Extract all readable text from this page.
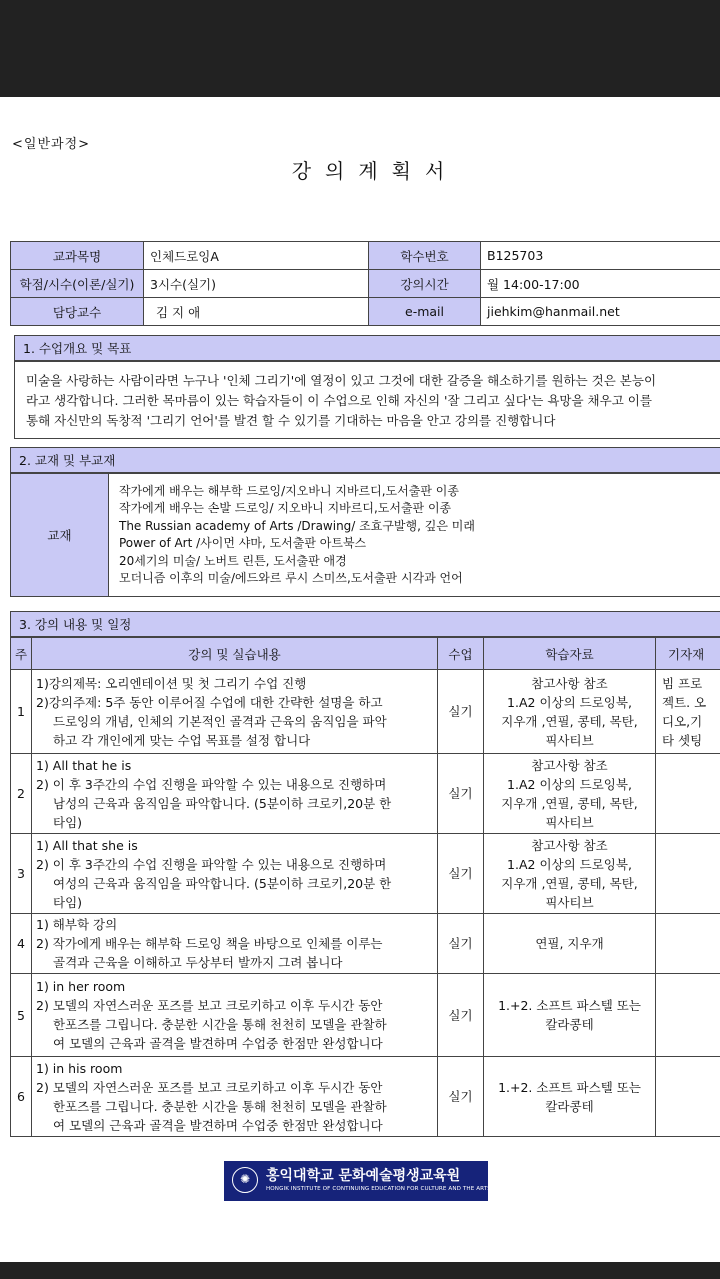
<일반과정>
강의계획서
교과목명	인체드로잉A	학수번호	B125703
학점/시수(이론/실기)	3시수(실기)	강의시간	월 14:00-17:00
담당교수	김 지 애	e-mail	jiehkim@hanmail.net
1. 수업개요 및 목표
미술을 사랑하는 사람이라면 누구나 '인체 그리기'에 열정이 있고 그것에 대한 갈증을 해소하기를 원하는 것은 본능이
라고 생각합니다. 그러한 목마름이 있는 학습자들이 이 수업으로 인해 자신의 '잘 그리고 싶다'는 욕망을 채우고 이를
통해 자신만의 독창적 '그리기 언어'를 발견 할 수 있기를 기대하는 마음을 안고 강의를 진행합니다
2. 교재 및 부교재
교재	
작가에게 배우는 해부학 드로잉/지오바니 지바르디,도서출판 이종
작가에게 배우는 손발 드로잉/ 지오바니 지바르디,도서출판 이종
The Russian academy of Arts /Drawing/ 조효구발행, 깊은 미래
Power of Art /사이먼 샤마, 도서출판 아트북스
20세기의 미술/ 노버트 린튼, 도서출판 애경
모더니즘 이후의 미술/에드와르 루시 스미쓰,도서출판 시각과 언어
3. 강의 내용 및 일정
주	강의 및 실습내용	수업	학습자료	기자재
1	1)강의제목: 오리엔테이션 및 첫 그리기 수업 진행
2)강의주제: 5주 동안 이루어질 수업에 대한 간략한 설명을 하고
드로잉의 개념, 인체의 기본적인 골격과 근육의 움직임을 파악
하고 각 개인에게 맞는 수업 목표를 설정 합니다	실기	참고사항 참조
1.A2 이상의 드로잉북,
지우개 ,연필, 콩테, 목탄,
픽사티브	빔 프로
젝트. 오
디오,기
타 셋팅

2	1) All that he is
2) 이 후 3주간의 수업 진행을 파악할 수 있는 내용으로 진행하며
남성의 근육과 움직임을 파악합니다. (5분이하 크로키,20분 한
타임)	실기	참고사항 참조
1.A2 이상의 드로잉북,
지우개 ,연필, 콩테, 목탄,
픽사티브	

3	1) All that she is
2) 이 후 3주간의 수업 진행을 파악할 수 있는 내용으로 진행하며
여성의 근육과 움직임을 파악합니다. (5분이하 크로키,20분 한
타임)	실기	참고사항 참조
1.A2 이상의 드로잉북,
지우개 ,연필, 콩테, 목탄,
픽사티브	

4	1) 해부학 강의
2) 작가에게 배우는 해부학 드로잉 책을 바탕으로 인체를 이루는
골격과 근육을 이해하고 두상부터 발까지 그려 봅니다	실기	연필, 지우개	

5	1) in her room
2) 모델의 자연스러운 포즈를 보고 크로키하고 이후 두시간 동안
한포즈를 그립니다. 충분한 시간을 통해 천천히 모델을 관찰하
여 모델의 근육과 골격을 발견하며 수업중 한점만 완성합니다	실기	1.+2. 소프트 파스텔 또는
칼라콩테	

6	1) in his room
2) 모델의 자연스러운 포즈를 보고 크로키하고 이후 두시간 동안
한포즈를 그립니다. 충분한 시간을 통해 천천히 모델을 관찰하
여 모델의 근육과 골격을 발견하며 수업중 한점만 완성합니다	실기	1.+2. 소프트 파스텔 또는
칼라콩테	

✺	홍익대학교 문화예술평생교육원
HONGIK INSTITUTE OF CONTINUING EDUCATION FOR CULTURE AND THE ARTS
